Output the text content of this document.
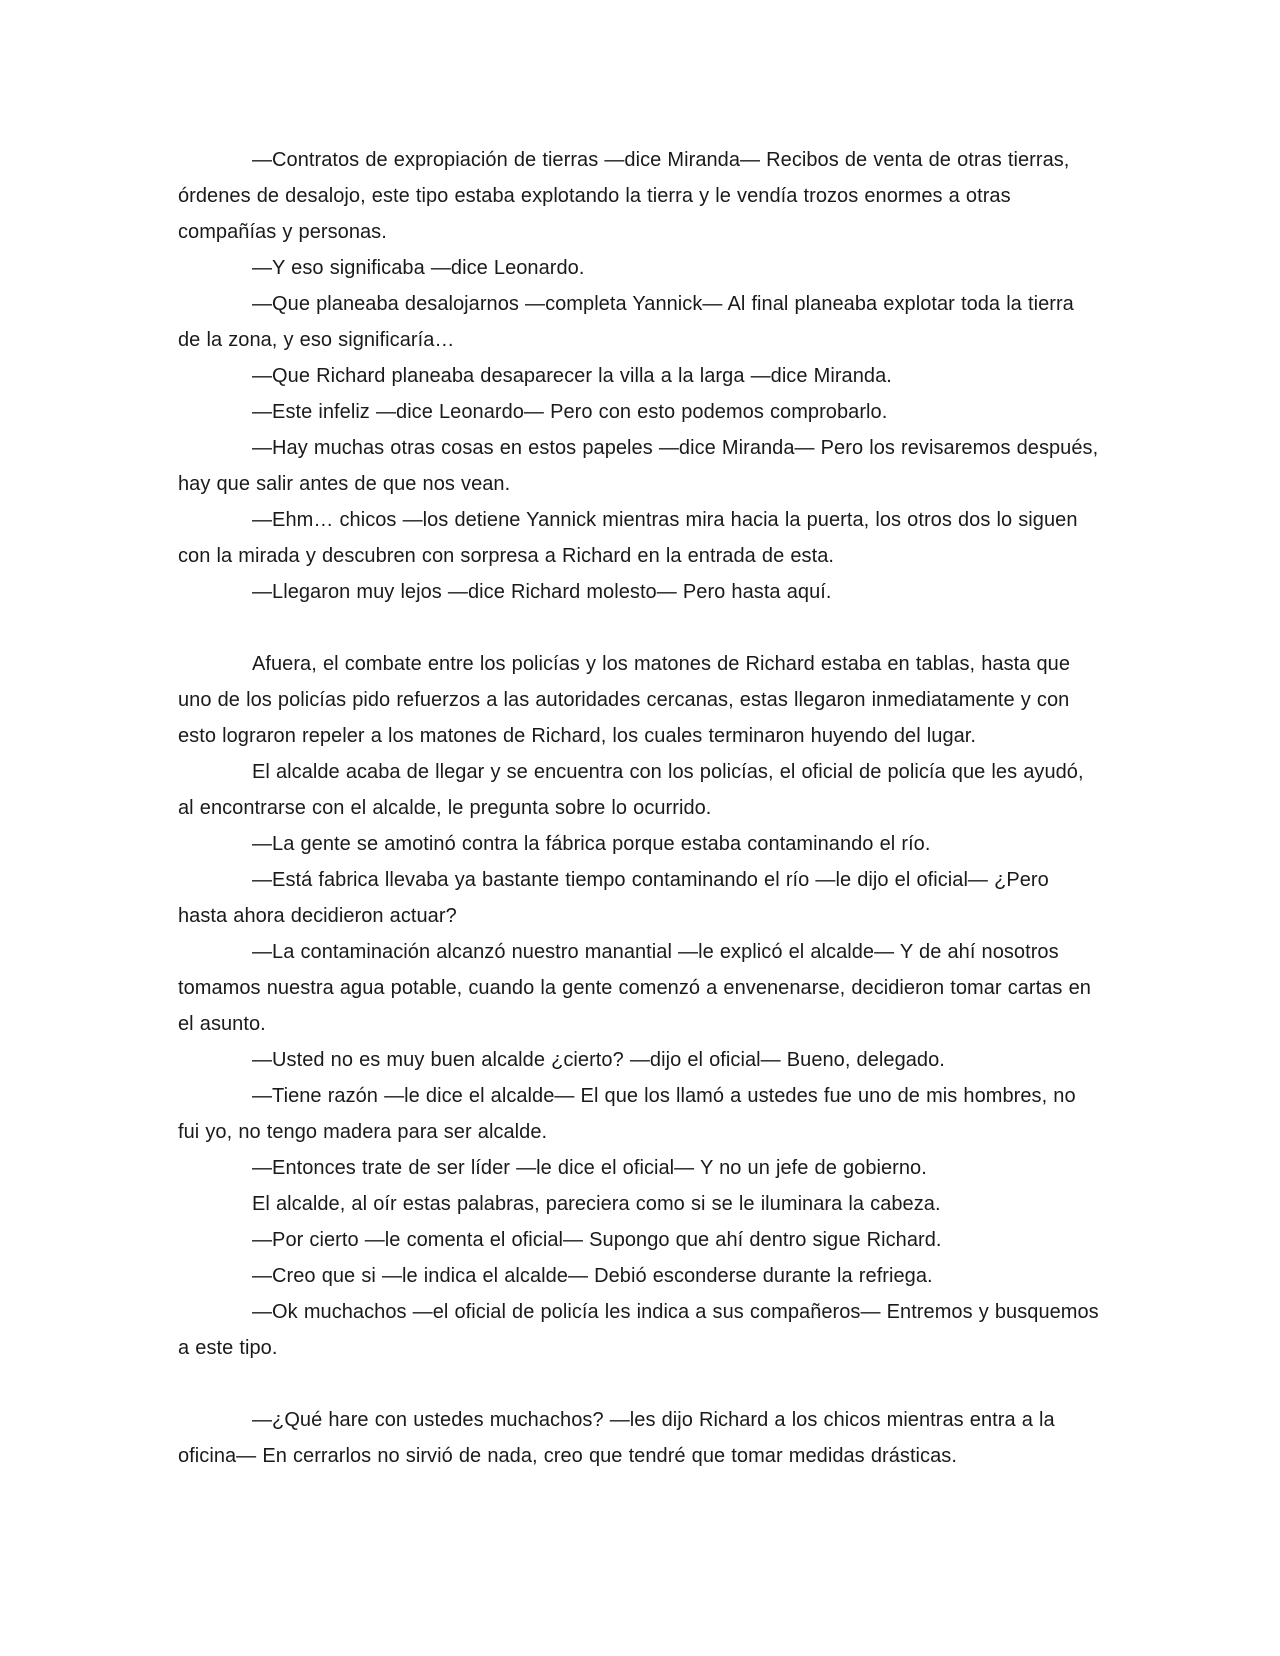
—Contratos de expropiación de tierras —dice Miranda— Recibos de venta de otras tierras, órdenes de desalojo, este tipo estaba explotando la tierra y le vendía trozos enormes a otras compañías y personas.

—Y eso significaba —dice Leonardo.

—Que planeaba desalojarnos —completa Yannick— Al final planeaba explotar toda la tierra de la zona, y eso significaría…

—Que Richard planeaba desaparecer la villa a la larga —dice Miranda.

—Este infeliz —dice Leonardo— Pero con esto podemos comprobarlo.

—Hay muchas otras cosas en estos papeles —dice Miranda— Pero los revisaremos después, hay que salir antes de que nos vean.

—Ehm… chicos —los detiene Yannick mientras mira hacia la puerta, los otros dos lo siguen con la mirada y descubren con sorpresa a Richard en la entrada de esta.

—Llegaron muy lejos —dice Richard molesto— Pero hasta aquí.

Afuera, el combate entre los policías y los matones de Richard estaba en tablas, hasta que uno de los policías pido refuerzos a las autoridades cercanas, estas llegaron inmediatamente y con esto lograron repeler a los matones de Richard, los cuales terminaron huyendo del lugar.

El alcalde acaba de llegar y se encuentra con los policías, el oficial de policía que les ayudó, al encontrarse con el alcalde, le pregunta sobre lo ocurrido.

—La gente se amotinó contra la fábrica porque estaba contaminando el río.

—Está fabrica llevaba ya bastante tiempo contaminando el río —le dijo el oficial— ¿Pero hasta ahora decidieron actuar?

—La contaminación alcanzó nuestro manantial —le explicó el alcalde— Y de ahí nosotros tomamos nuestra agua potable, cuando la gente comenzó a envenenarse, decidieron tomar cartas en el asunto.

—Usted no es muy buen alcalde ¿cierto? —dijo el oficial— Bueno, delegado.

—Tiene razón —le dice el alcalde— El que los llamó a ustedes fue uno de mis hombres, no fui yo, no tengo madera para ser alcalde.

—Entonces trate de ser líder —le dice el oficial— Y no un jefe de gobierno.

El alcalde, al oír estas palabras, pareciera como si se le iluminara la cabeza.

—Por cierto —le comenta el oficial— Supongo que ahí dentro sigue Richard.

—Creo que si —le indica el alcalde— Debió esconderse durante la refriega.

—Ok muchachos —el oficial de policía les indica a sus compañeros— Entremos y busquemos a este tipo.

—¿Qué hare con ustedes muchachos? —les dijo Richard a los chicos mientras entra a la oficina— En cerrarlos no sirvió de nada, creo que tendré que tomar medidas drásticas.
